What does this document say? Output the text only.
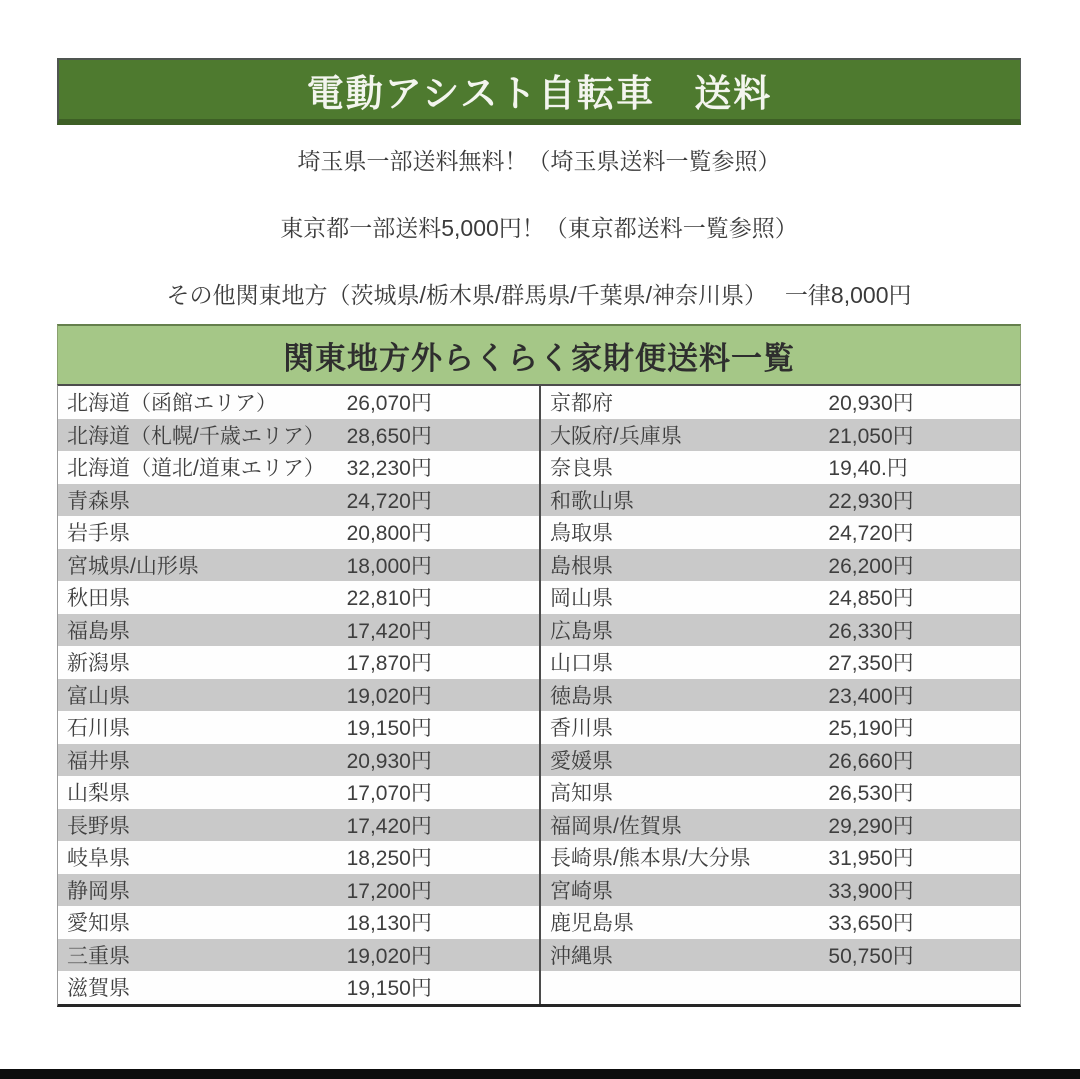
電動アシスト自転車　送料

埼玉県一部送料無料！（埼玉県送料一覧参照）

東京都一部送料5,000円！（東京都送料一覧参照）

その他関東地方（茨城県/栃木県/群馬県/千葉県/神奈川県）　 一律8,000円

関東地方外らくらく家財便送料一覧
北海道（函館エリア）	26,070円
北海道（札幌/千歳エリア）	28,650円
北海道（道北/道東エリア）	32,230円
青森県	24,720円
岩手県	20,800円
宮城県/山形県	18,000円
秋田県	22,810円
福島県	17,420円
新潟県	17,870円
富山県	19,020円
石川県	19,150円
福井県	20,930円
山梨県	17,070円
長野県	17,420円
岐阜県	18,250円
静岡県	17,200円
愛知県	18,130円
三重県	19,020円
滋賀県	19,150円
京都府	20,930円
大阪府/兵庫県	21,050円
奈良県	19,40.円
和歌山県	22,930円
鳥取県	24,720円
島根県	26,200円
岡山県	24,850円
広島県	26,330円
山口県	27,350円
徳島県	23,400円
香川県	25,190円
愛媛県	26,660円
高知県	26,530円
福岡県/佐賀県	29,290円
長崎県/熊本県/大分県	31,950円
宮崎県	33,900円
鹿児島県	33,650円
沖縄県	50,750円
